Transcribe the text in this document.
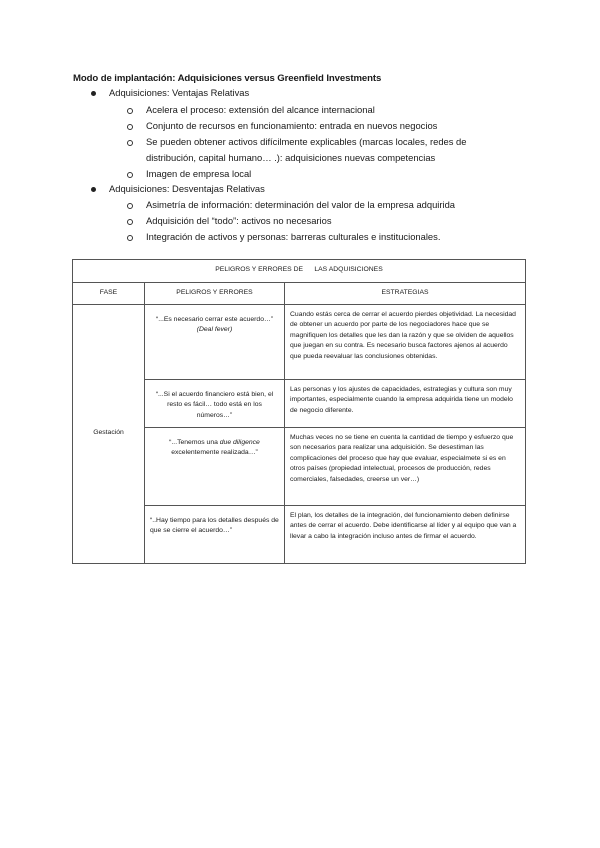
Modo de implantación: Adquisiciones versus Greenfield Investments
Adquisiciones: Ventajas Relativas
Acelera el proceso: extensión del alcance internacional
Conjunto de recursos en funcionamiento: entrada en nuevos negocios
Se pueden obtener activos difícilmente explicables (marcas locales, redes de
distribución, capital humano… .): adquisiciones nuevas competencias
Imagen de empresa local
Adquisiciones: Desventajas Relativas
Asimetría de información: determinación del valor de la empresa adquirida
Adquisición del “todo”: activos no necesarios
Integración de activos y personas: barreras culturales e institucionales.
PELIGROS Y ERRORES DE      LAS ADQUISICIONES		
FASE	PELIGROS Y ERRORES	ESTRATEGIAS
Gestación	“...Es necesario cerrar este acuerdo…” (Deal fever)	Cuando estás cerca de cerrar el acuerdo pierdes objetividad. La necesidad de obtener un acuerdo por parte de los negociadores hace que se magnifiquen los detalles que les dan la razón y que se olviden de aquellos que juegan en su contra. Es necesario busca factores ajenos al acuerdo que pueda reevaluar las conclusiones obtenidas.
	“...Si el acuerdo financiero está bien, el resto es fácil… todo está en los números…”	Las personas y los ajustes de capacidades, estrategias y cultura son muy importantes, especialmente cuando la empresa adquirida tiene un modelo de negocio diferente.
	“...Tenemos una due diligence excelentemente realizada…”	Muchas veces no se tiene en cuenta la cantidad de tiempo y esfuerzo que son necesarios para realizar una adquisición. Se desestiman las complicaciones del proceso que hay que evaluar, especialmete si es en otros países (propiedad intelectual, procesos de producción, redes comerciales, falsedades, creerse un ver…)
	“..Hay tiempo para los detalles después de que se cierre el acuerdo…”	El plan, los detalles de la integración, del funcionamiento deben definirse antes de cerrar el acuerdo. Debe identificarse al líder y al equipo que van a llevar a cabo la integración incluso antes de firmar el acuerdo.
